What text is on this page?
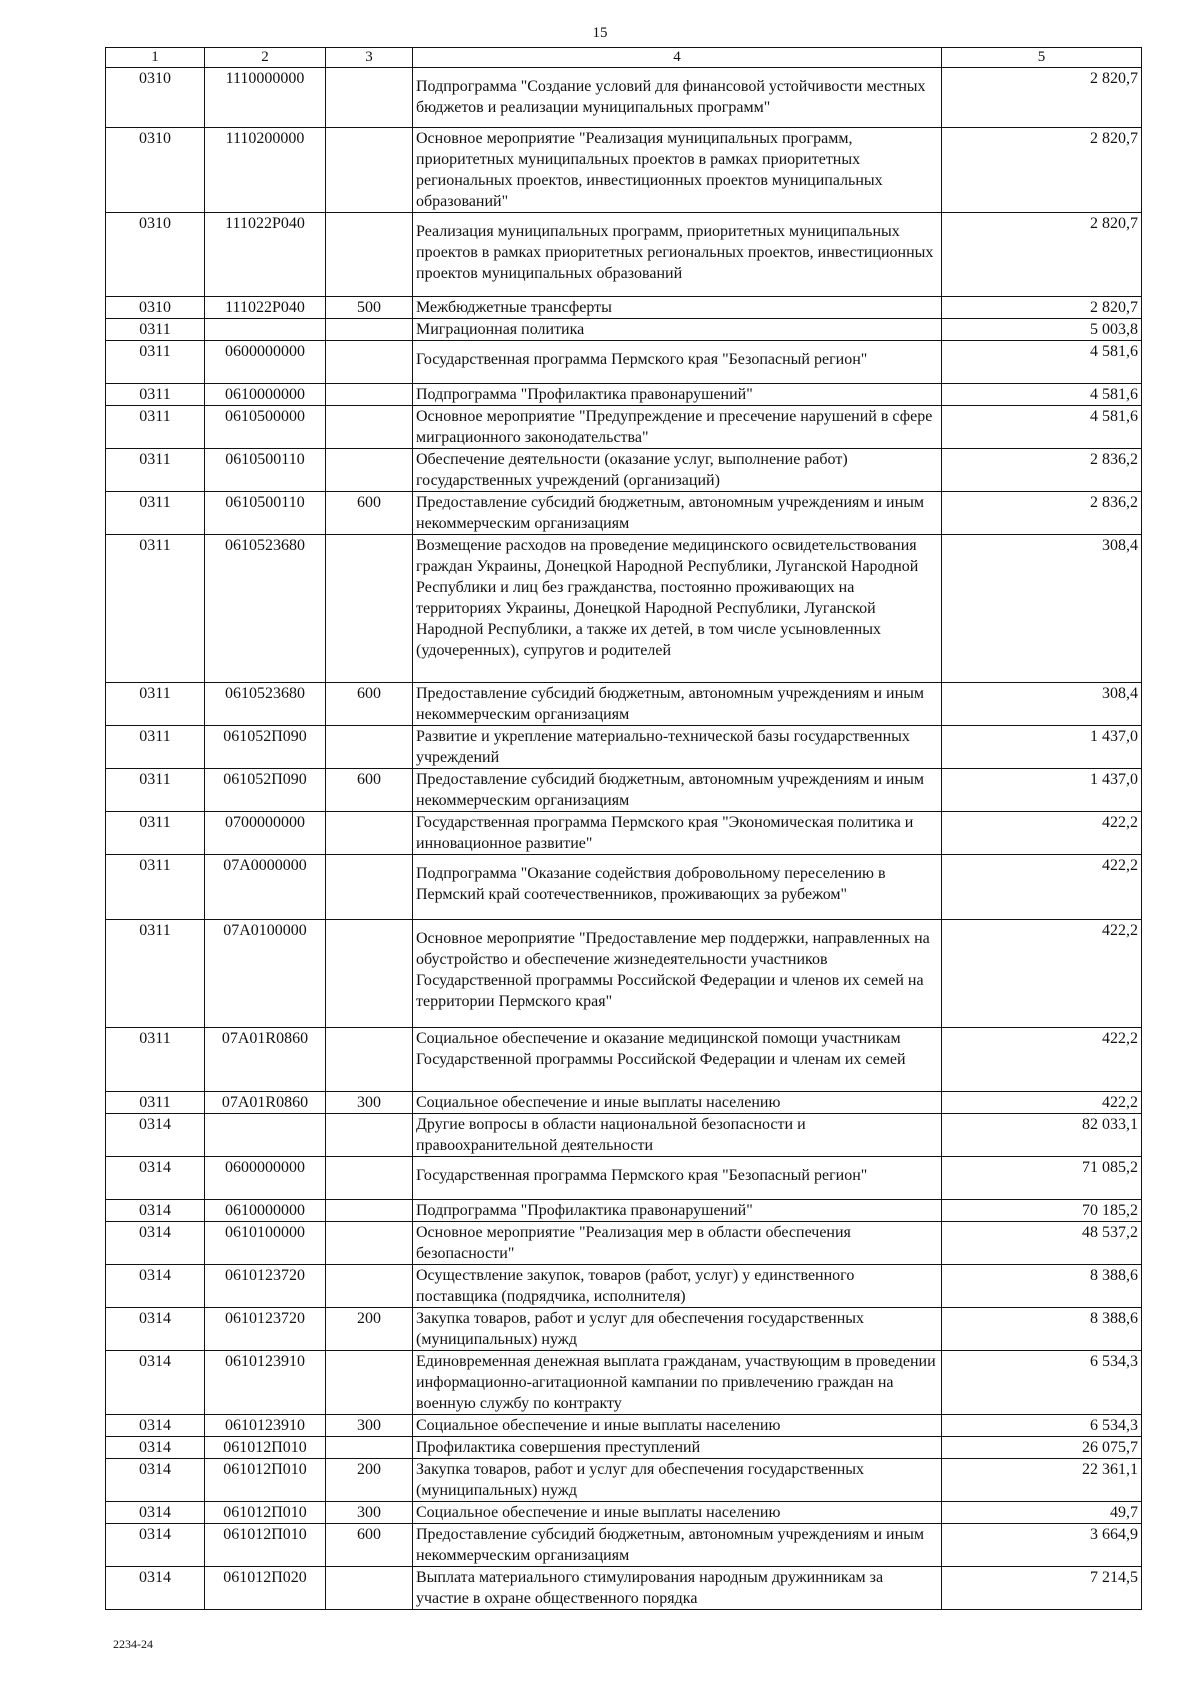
15
1	2	3	4	5
0310	1110000000		Подпрограмма "Создание условий для финансовой устойчивости местных бюджетов и реализации муниципальных программ"	2 820,7
0310	1110200000		Основное мероприятие "Реализация муниципальных программ, приоритетных муниципальных проектов в рамках приоритетных региональных проектов, инвестиционных проектов муниципальных образований"	2 820,7
0310	111022Р040		Реализация муниципальных программ, приоритетных муниципальных проектов в рамках приоритетных региональных проектов, инвестиционных проектов муниципальных образований	2 820,7
0310	111022Р040	500	Межбюджетные трансферты	2 820,7
0311			Миграционная политика	5 003,8
0311	0600000000		Государственная программа Пермского края "Безопасный регион"	4 581,6
0311	0610000000		Подпрограмма "Профилактика правонарушений"	4 581,6
0311	0610500000		Основное мероприятие "Предупреждение и пресечение нарушений в сфере миграционного законодательства"	4 581,6
0311	0610500110		Обеспечение деятельности (оказание услуг, выполнение работ) государственных учреждений (организаций)	2 836,2
0311	0610500110	600	Предоставление субсидий бюджетным, автономным учреждениям и иным некоммерческим организациям	2 836,2
0311	0610523680		Возмещение расходов на проведение медицинского освидетельствования граждан Украины, Донецкой Народной Республики, Луганской Народной Республики и лиц без гражданства, постоянно проживающих на территориях Украины, Донецкой Народной Республики, Луганской Народной Республики, а также их детей, в том числе усыновленных (удочеренных), супругов и родителей	308,4
0311	0610523680	600	Предоставление субсидий бюджетным, автономным учреждениям и иным некоммерческим организациям	308,4
0311	061052П090		Развитие и укрепление материально-технической базы государственных учреждений	1 437,0
0311	061052П090	600	Предоставление субсидий бюджетным, автономным учреждениям и иным некоммерческим организациям	1 437,0
0311	0700000000		Государственная программа Пермского края "Экономическая политика и инновационное развитие"	422,2
0311	07А0000000		Подпрограмма "Оказание содействия добровольному переселению в Пермский край соотечественников, проживающих за рубежом"	422,2
0311	07А0100000		Основное мероприятие "Предоставление мер поддержки, направленных на обустройство и обеспечение жизнедеятельности участников Государственной программы Российской Федерации и членов их семей на территории Пермского края"	422,2
0311	07А01R0860		Социальное обеспечение и оказание медицинской помощи участникам Государственной программы Российской Федерации и членам их семей	422,2
0311	07А01R0860	300	Социальное обеспечение и иные выплаты населению	422,2
0314			Другие вопросы в области национальной безопасности и правоохранительной деятельности	82 033,1
0314	0600000000		Государственная программа Пермского края "Безопасный регион"	71 085,2
0314	0610000000		Подпрограмма "Профилактика правонарушений"	70 185,2
0314	0610100000		Основное мероприятие "Реализация мер в области обеспечения безопасности"	48 537,2
0314	0610123720		Осуществление закупок, товаров (работ, услуг) у единственного поставщика (подрядчика, исполнителя)	8 388,6
0314	0610123720	200	Закупка товаров, работ и услуг для обеспечения государственных (муниципальных) нужд	8 388,6
0314	0610123910		Единовременная денежная выплата гражданам, участвующим в проведении информационно-агитационной кампании по привлечению граждан на военную службу по контракту	6 534,3
0314	0610123910	300	Социальное обеспечение и иные выплаты населению	6 534,3
0314	061012П010		Профилактика совершения преступлений	26 075,7
0314	061012П010	200	Закупка товаров, работ и услуг для обеспечения государственных (муниципальных) нужд	22 361,1
0314	061012П010	300	Социальное обеспечение и иные выплаты населению	49,7
0314	061012П010	600	Предоставление субсидий бюджетным, автономным учреждениям и иным некоммерческим организациям	3 664,9
0314	061012П020		Выплата материального стимулирования народным дружинникам за участие в охране общественного порядка	7 214,5
2234-24
